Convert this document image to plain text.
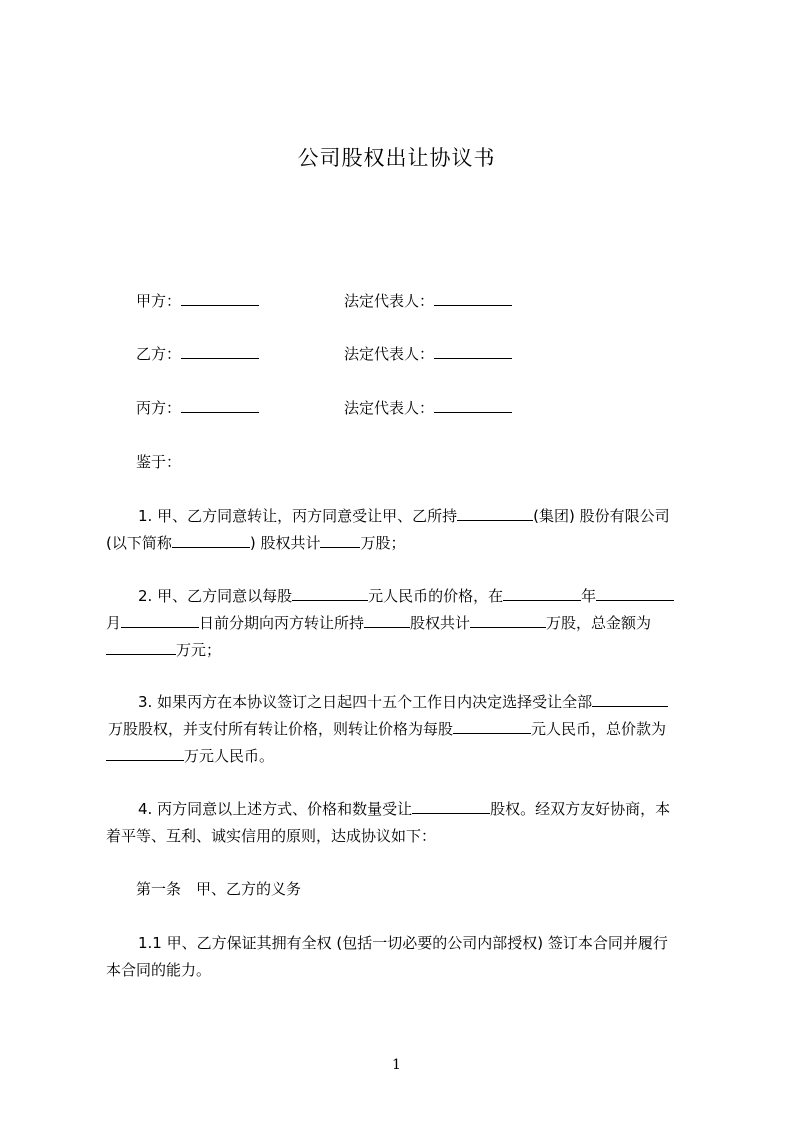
公司股权出让协议书
甲方：	法定代表人：
乙方：	法定代表人：
丙方：	法定代表人：
鉴于：
1. 甲、乙方同意转让，丙方同意受让甲、乙所持	(集团) 股份有限公司
(以下简称	) 股权共计	万股；
2. 甲、乙方同意以每股	元人民币的价格，在	年
月	日前分期向丙方转让所持	股权共计	万股，总金额为
万元；
3. 如果丙方在本协议签订之日起四十五个工作日内决定选择受让全部
万股股权，并支付所有转让价格，则转让价格为每股	元人民币，总价款为
万元人民币。
4. 丙方同意以上述方式、价格和数量受让	股权。经双方友好协商，本
着平等、互利、诚实信用的原则，达成协议如下：
第一条　甲、乙方的义务
1.1 甲、乙方保证其拥有全权 (包括一切必要的公司内部授权) 签订本合同并履行
本合同的能力。
1
